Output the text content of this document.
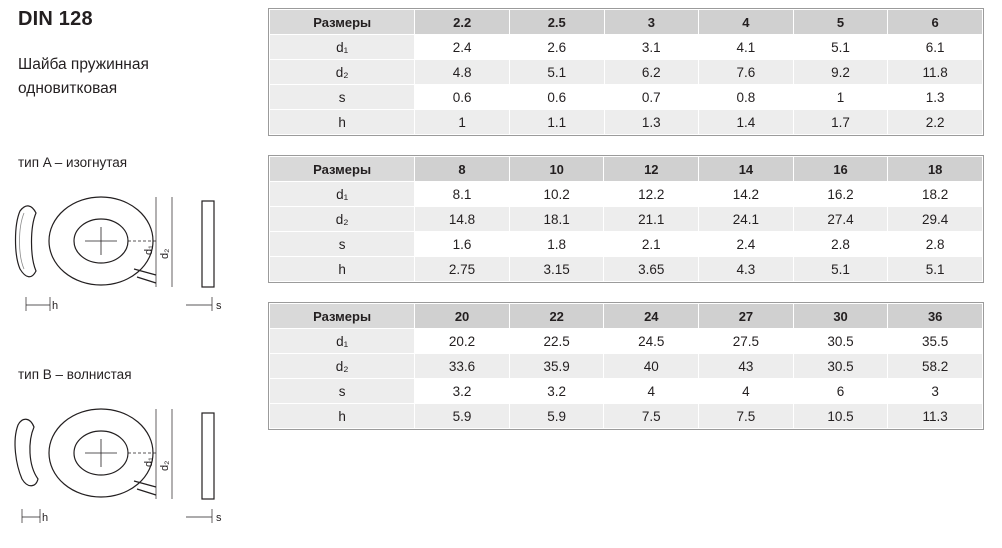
DIN 128

Шайба пружинная
одновитковая

тип A – изогнутая
тип B – волнистая
h	s
d₁ d₂
h	s
d₁ d₂
Размеры	2.2	2.5	3	4	5	6
d₁	2.4	2.6	3.1	4.1	5.1	6.1
d₂	4.8	5.1	6.2	7.6	9.2	11.8
s	0.6	0.6	0.7	0.8	1	1.3
h	1	1.1	1.3	1.4	1.7	2.2
Размеры	8	10	12	14	16	18
d₁	8.1	10.2	12.2	14.2	16.2	18.2
d₂	14.8	18.1	21.1	24.1	27.4	29.4
s	1.6	1.8	2.1	2.4	2.8	2.8
h	2.75	3.15	3.65	4.3	5.1	5.1
Размеры	20	22	24	27	30	36
d₁	20.2	22.5	24.5	27.5	30.5	35.5
d₂	33.6	35.9	40	43	30.5	58.2
s	3.2	3.2	4	4	6	3
h	5.9	5.9	7.5	7.5	10.5	11.3
